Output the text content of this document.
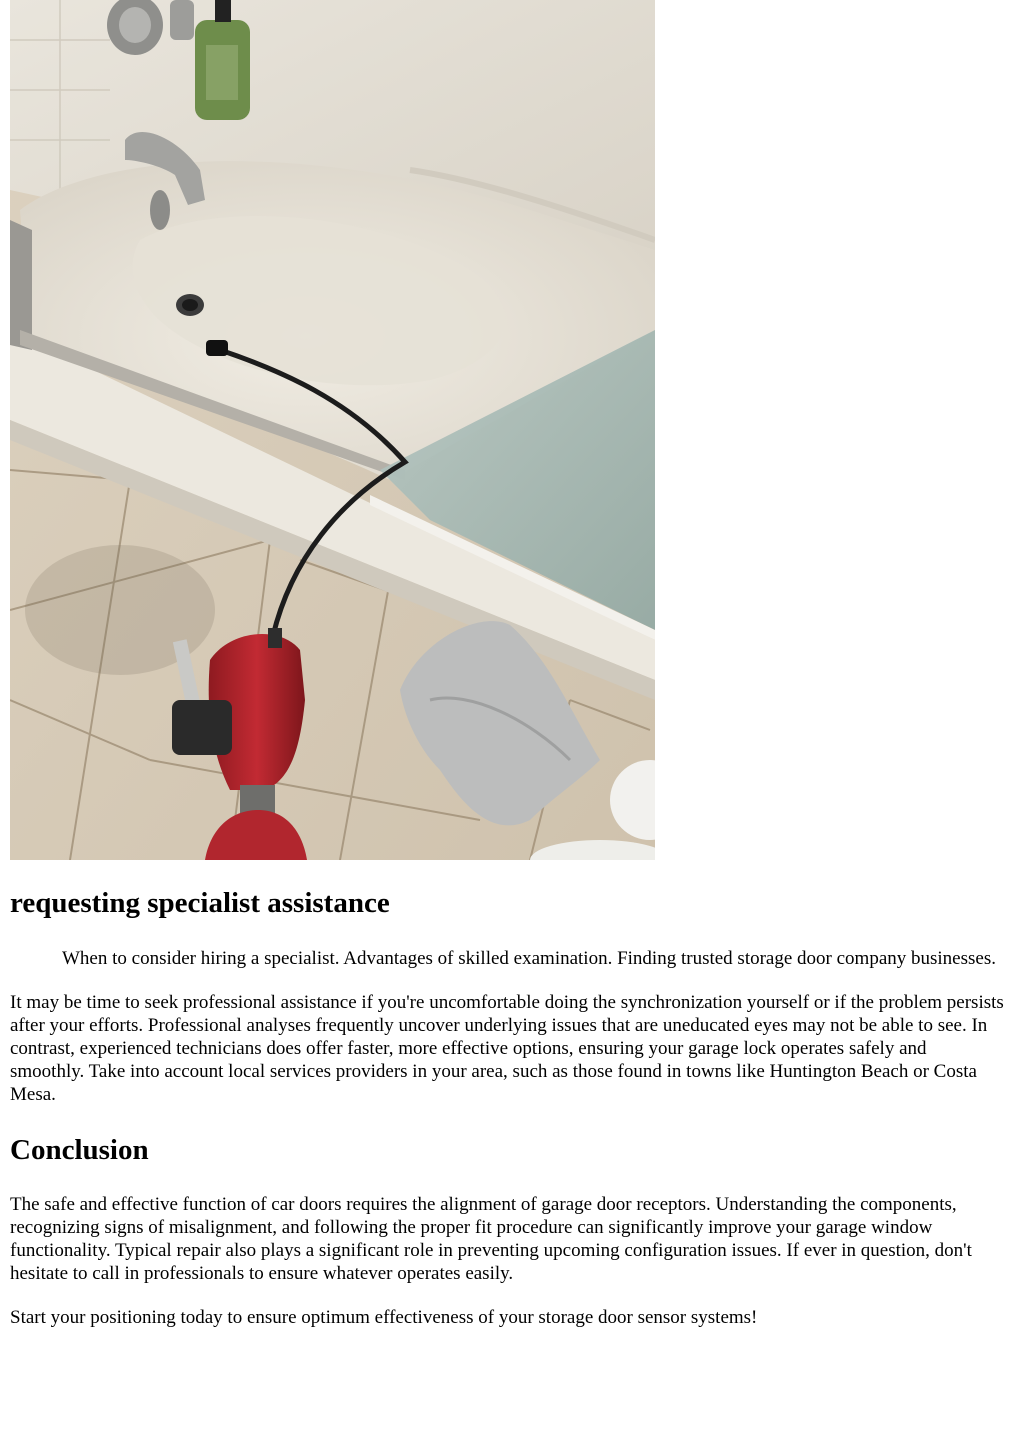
requesting specialist assistance
When to consider hiring a specialist. Advantages of skilled examination. Finding trusted storage door company businesses.

It may be time to seek professional assistance if you're uncomfortable doing the synchronization yourself or if the problem persists after your efforts. Professional analyses frequently uncover underlying issues that are uneducated eyes may not be able to see. In contrast, experienced technicians does offer faster, more effective options, ensuring your garage lock operates safely and smoothly. Take into account local services providers in your area, such as those found in towns like Huntington Beach or Costa Mesa.

Conclusion

The safe and effective function of car doors requires the alignment of garage door receptors. Understanding the components, recognizing signs of misalignment, and following the proper fit procedure can significantly improve your garage window functionality. Typical repair also plays a significant role in preventing upcoming configuration issues. If ever in question, don't hesitate to call in professionals to ensure whatever operates easily.

Start your positioning today to ensure optimum effectiveness of your storage door sensor systems!
